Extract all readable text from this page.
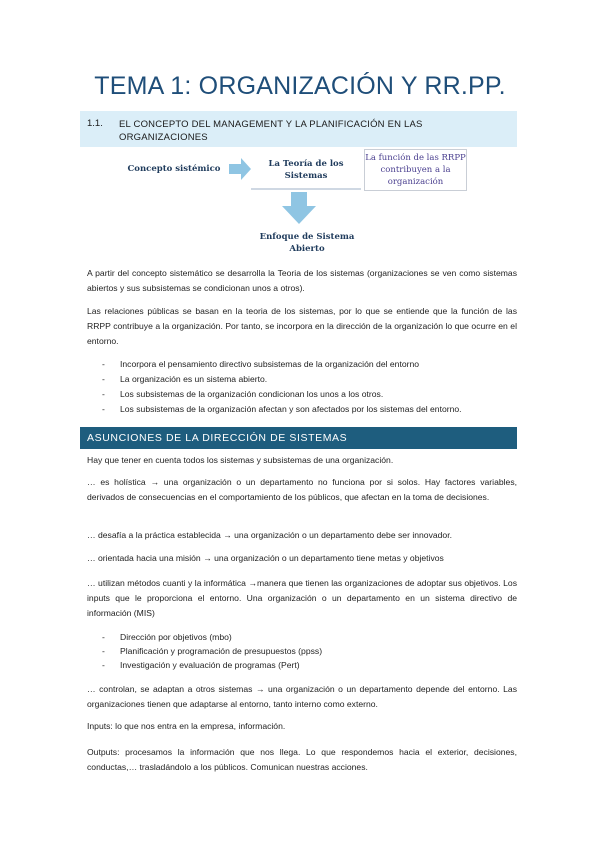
TEMA 1: ORGANIZACIÓN Y RR.PP.
1.1. EL CONCEPTO DEL MANAGEMENT Y LA PLANIFICACIÓN EN LAS ORGANIZACIONES
Concepto sistémico	La Teoría de los Sistemas
La función de las RRPP contribuyen a la organización
Enfoque de Sistema Abierto
A partir del concepto sistemático se desarrolla la Teoria de los sistemas (organizaciones se ven como sistemas abiertos y sus subsistemas se condicionan unos a otros).
Las relaciones públicas se basan en la teoria de los sistemas, por lo que se entiende que la función de las RRPP contribuye a la organización. Por tanto, se incorpora en la dirección de la organización lo que ocurre en el entorno.
- Incorpora el pensamiento directivo subsistemas de la organización del entorno
- La organización es un sistema abierto.
- Los subsistemas de la organización condicionan los unos a los otros.
- Los subsistemas de la organización afectan y son afectados por los sistemas del entorno.
ASUNCIONES DE LA DIRECCIÓN DE SISTEMAS
Hay que tener en cuenta todos los sistemas y subsistemas de una organización.
… es holística → una organización o un departamento no funciona por si solos. Hay factores variables, derivados de consecuencias en el comportamiento de los públicos, que afectan en la toma de decisiones.
… desafía a la práctica establecida → una organización o un departamento debe ser innovador.
… orientada hacia una misión → una organización o un departamento tiene metas y objetivos
… utilizan métodos cuanti y la informática →manera que tienen las organizaciones de adoptar sus objetivos. Los inputs que le proporciona el entorno. Una organización o un departamento en un sistema directivo de información (MIS)
- Dirección por objetivos (mbo)
- Planificación y programación de presupuestos (ppss)
- Investigación y evaluación de programas (Pert)
… controlan, se adaptan a otros sistemas → una organización o un departamento depende del entorno. Las organizaciones tienen que adaptarse al entorno, tanto interno como externo.
Inputs: lo que nos entra en la empresa, información.
Outputs: procesamos la información que nos llega. Lo que respondemos hacia el exterior, decisiones, conductas,… trasladándolo a los públicos. Comunican nuestras acciones.
